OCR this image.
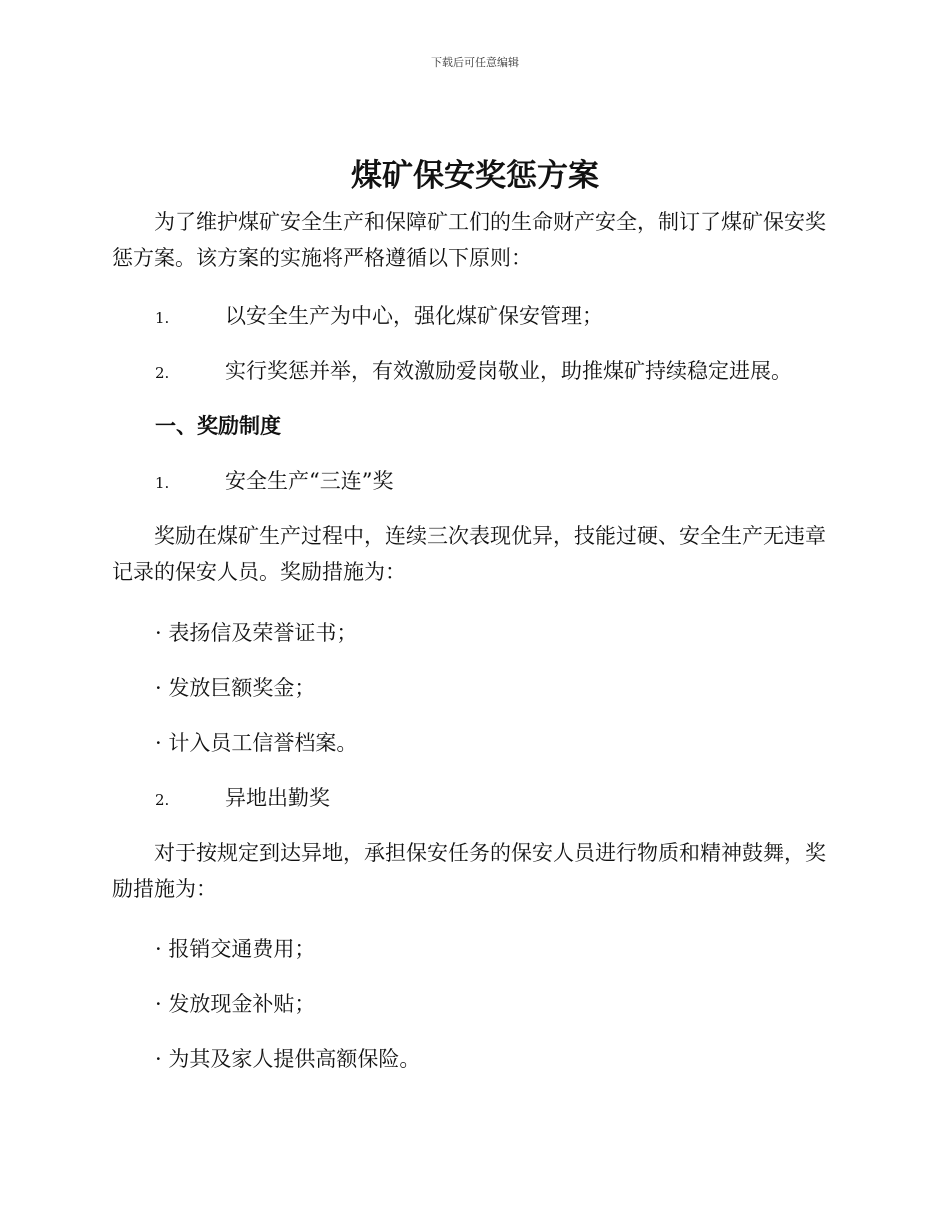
下载后可任意编辑
煤矿保安奖惩方案

为了维护煤矿安全生产和保障矿工们的生命财产安全，制订了煤矿保安奖惩方案。该方案的实施将严格遵循以下原则：

1.	以安全生产为中心，强化煤矿保安管理；
2.	实行奖惩并举，有效激励爱岗敬业，助推煤矿持续稳定进展。
一、奖励制度
1.	安全生产“三连”奖

奖励在煤矿生产过程中，连续三次表现优异，技能过硬、安全生产无违章记录的保安人员。奖励措施为：

· 表扬信及荣誉证书；
· 发放巨额奖金；
· 计入员工信誉档案。
2.	异地出勤奖

对于按规定到达异地，承担保安任务的保安人员进行物质和精神鼓舞，奖励措施为：

· 报销交通费用；
· 发放现金补贴；
· 为其及家人提供高额保险。
